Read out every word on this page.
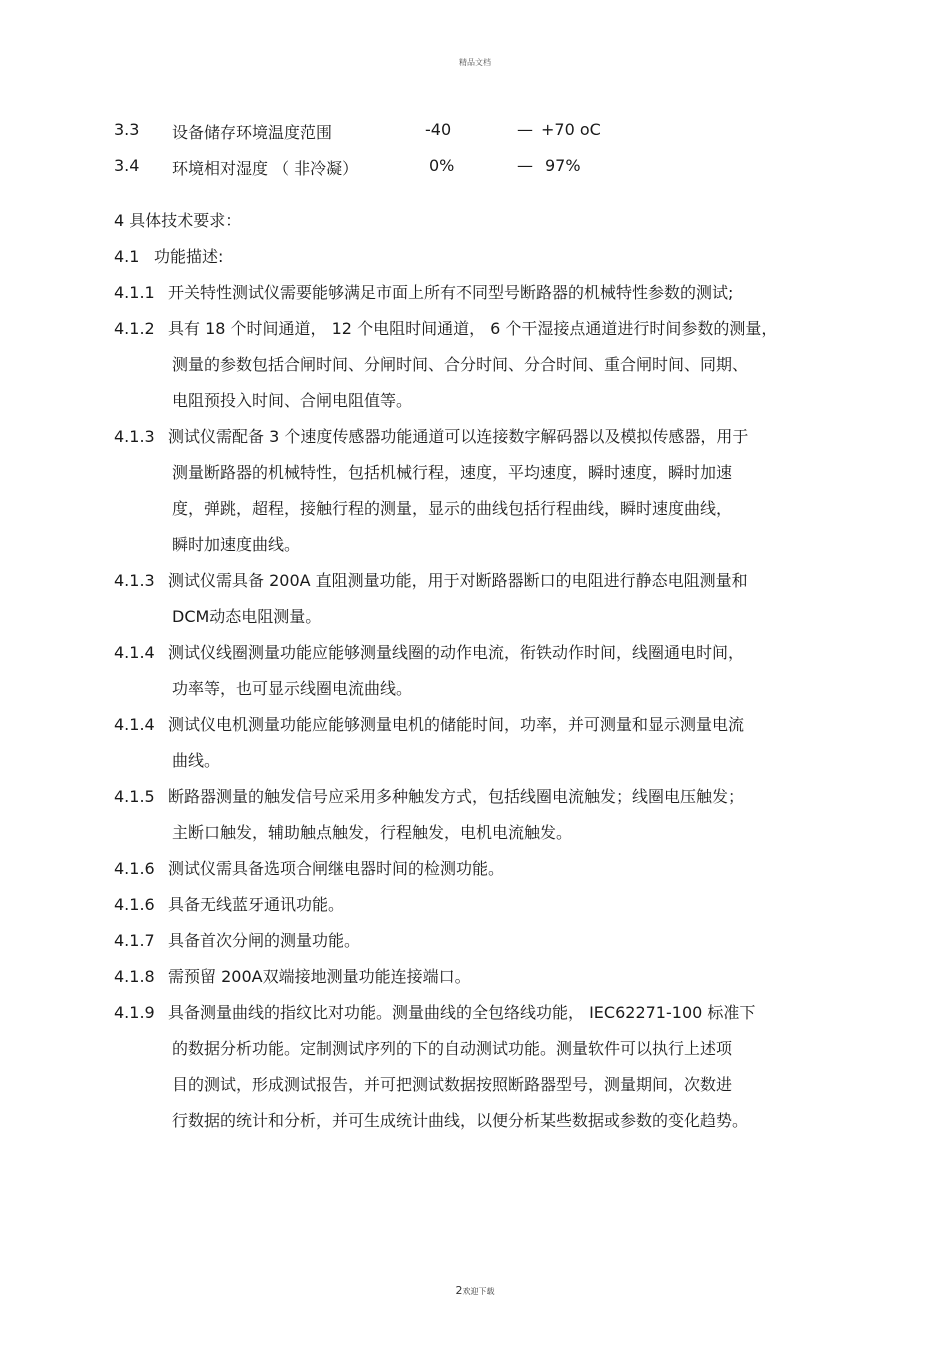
精品文档
3.3 设备储存环境温度范围	-40	— +70 oC
3.4 环境相对湿度 （ 非冷凝）	0%	— 97%
4 具体技术要求：
4.1 功能描述:
4.1.1 开关特性测试仪需要能够满足市面上所有不同型号断路器的机械特性参数的测试;
4.1.2 具有 18 个时间通道， 12 个电阻时间通道， 6 个干湿接点通道进行时间参数的测量，
测量的参数包括合闸时间、分闸时间、合分时间、分合时间、重合闸时间、同期、
电阻预投入时间、合闸电阻值等。
4.1.3 测试仪需配备 3 个速度传感器功能通道可以连接数字解码器以及模拟传感器，用于
测量断路器的机械特性，包括机械行程，速度，平均速度，瞬时速度，瞬时加速
度，弹跳，超程，接触行程的测量，显示的曲线包括行程曲线，瞬时速度曲线，
瞬时加速度曲线。
4.1.3 测试仪需具备 200A 直阻测量功能，用于对断路器断口的电阻进行静态电阻测量和
DCM动态电阻测量。
4.1.4 测试仪线圈测量功能应能够测量线圈的动作电流，衔铁动作时间，线圈通电时间，
功率等，也可显示线圈电流曲线。
4.1.4 测试仪电机测量功能应能够测量电机的储能时间，功率，并可测量和显示测量电流
曲线。
4.1.5 断路器测量的触发信号应采用多种触发方式，包括线圈电流触发；线圈电压触发；
主断口触发，辅助触点触发，行程触发，电机电流触发。
4.1.6 测试仪需具备选项合闸继电器时间的检测功能。
4.1.6 具备无线蓝牙通讯功能。
4.1.7 具备首次分闸的测量功能。
4.1.8 需预留 200A双端接地测量功能连接端口。
4.1.9 具备测量曲线的指纹比对功能。测量曲线的全包络线功能， IEC62271-100 标准下
的数据分析功能。定制测试序列的下的自动测试功能。测量软件可以执行上述项
目的测试，形成测试报告，并可把测试数据按照断路器型号，测量期间，次数进
行数据的统计和分析，并可生成统计曲线，以便分析某些数据或参数的变化趋势。
2欢迎下载
